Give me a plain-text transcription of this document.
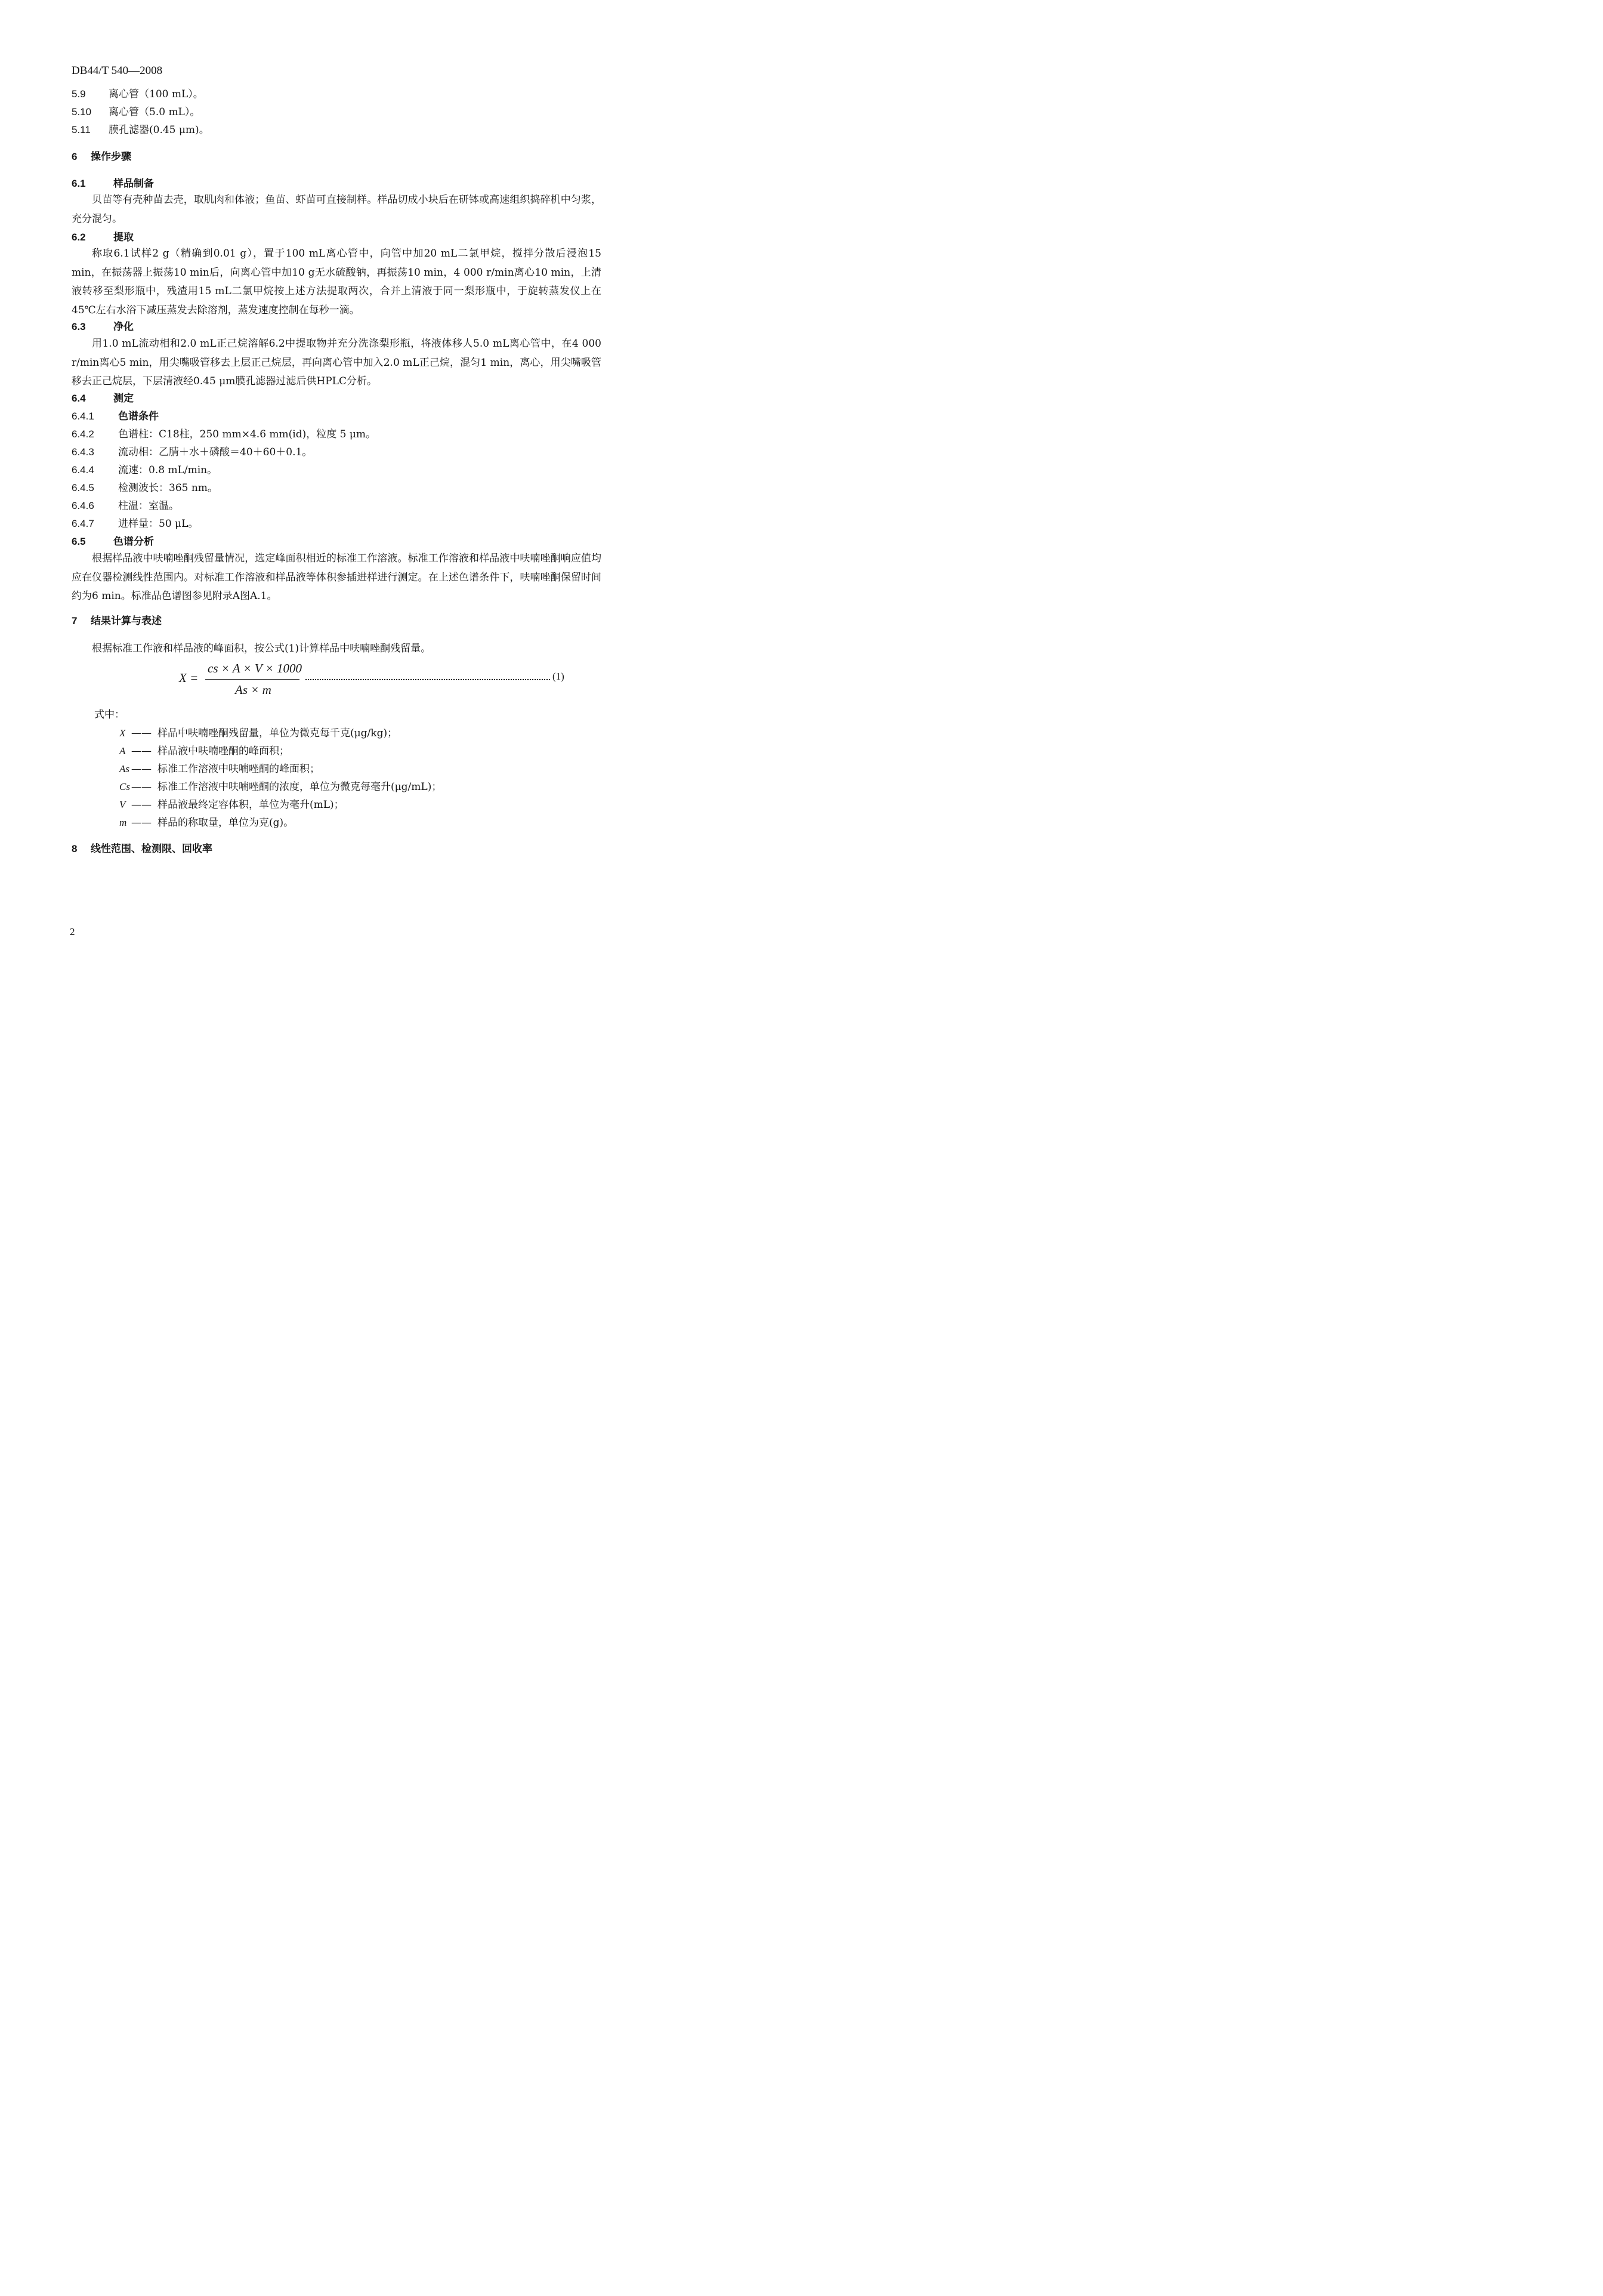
DB44/T 540—2008
5.9 离心管（100 mL）。
5.10 离心管（5.0 mL）。
5.11 膜孔滤器(0.45 μm)。
6 操作步骤
6.1	样品制备
贝苗等有壳种苗去壳，取肌肉和体液；鱼苗、虾苗可直接制样。样品切成小块后在研钵或高速组织捣碎机中匀浆，充分混匀。
6.2	提取
称取6.1试样2 g（精确到0.01 g），置于100 mL离心管中，向管中加20 mL二氯甲烷，搅拌分散后浸泡15 min，在振荡器上振荡10 min后，向离心管中加10 g无水硫酸钠，再振荡10 min，4 000 r/min离心10 min，上清液转移至梨形瓶中，残渣用15 mL二氯甲烷按上述方法提取两次，合并上清液于同一梨形瓶中，于旋转蒸发仪上在45℃左右水浴下减压蒸发去除溶剂，蒸发速度控制在每秒一滴。
6.3	净化
用1.0 mL流动相和2.0 mL正己烷溶解6.2中提取物并充分洗涤梨形瓶，将液体移人5.0 mL离心管中，在4 000 r/min离心5 min，用尖嘴吸管移去上层正己烷层，再向离心管中加入2.0 mL正己烷，混匀1 min，离心，用尖嘴吸管移去正己烷层，下层清液经0.45 μm膜孔滤器过滤后供HPLC分析。
6.4	测定
6.4.1 色谱条件
6.4.2 色谱柱：C18柱，250 mm×4.6 mm(id)，粒度 5 μm。
6.4.3 流动相：乙腈＋水＋磷酸＝40＋60＋0.1。
6.4.4 流速：0.8 mL/min。
6.4.5 检测波长：365 nm。
6.4.6 柱温：室温。
6.4.7 进样量：50 μL。
6.5	色谱分析
根据样品液中呋喃唑酮残留量情况，选定峰面积相近的标准工作溶液。标准工作溶液和样品液中呋喃唑酮响应值均应在仪器检测线性范围内。对标准工作溶液和样品液等体积参插进样进行测定。在上述色谱条件下，呋喃唑酮保留时间约为6 min。标准品色谱图参见附录A图A.1。
7 结果计算与表述
根据标准工作液和样品液的峰面积，按公式(1)计算样品中呋喃唑酮残留量。
X =
cs × A × V × 1000
As × m
(1)
式中：
X —— 样品中呋喃唑酮残留量，单位为微克每千克(μg/kg)；
A —— 样品液中呋喃唑酮的峰面积；
As —— 标准工作溶液中呋喃唑酮的峰面积；
Cs —— 标准工作溶液中呋喃唑酮的浓度，单位为微克每毫升(μg/mL)；
V —— 样品液最终定容体积，单位为毫升(mL)；
m —— 样品的称取量，单位为克(g)。
8 线性范围、检测限、回收率
2
